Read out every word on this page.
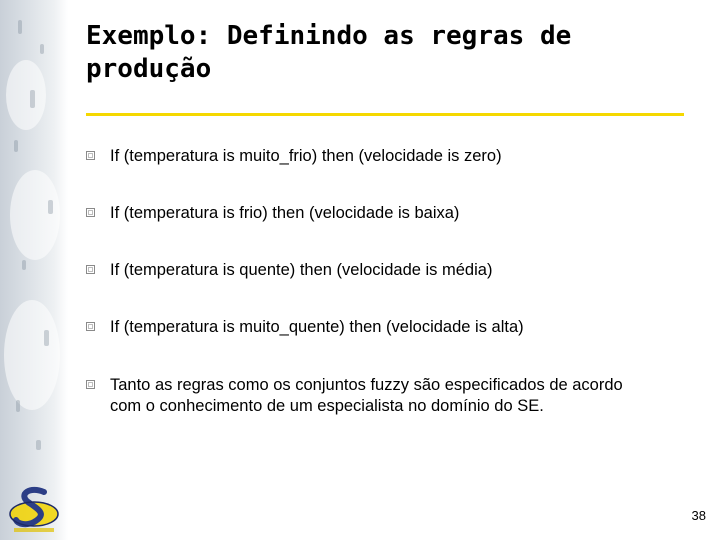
Exemplo: Definindo as regras de produção
If (temperatura is muito_frio) then (velocidade is zero)
If (temperatura is frio) then (velocidade is baixa)
If (temperatura is quente) then (velocidade is média)
If (temperatura is muito_quente) then (velocidade is alta)
Tanto as regras como os conjuntos fuzzy são especificados de acordo com o conhecimento de um especialista no domínio do SE.
38
